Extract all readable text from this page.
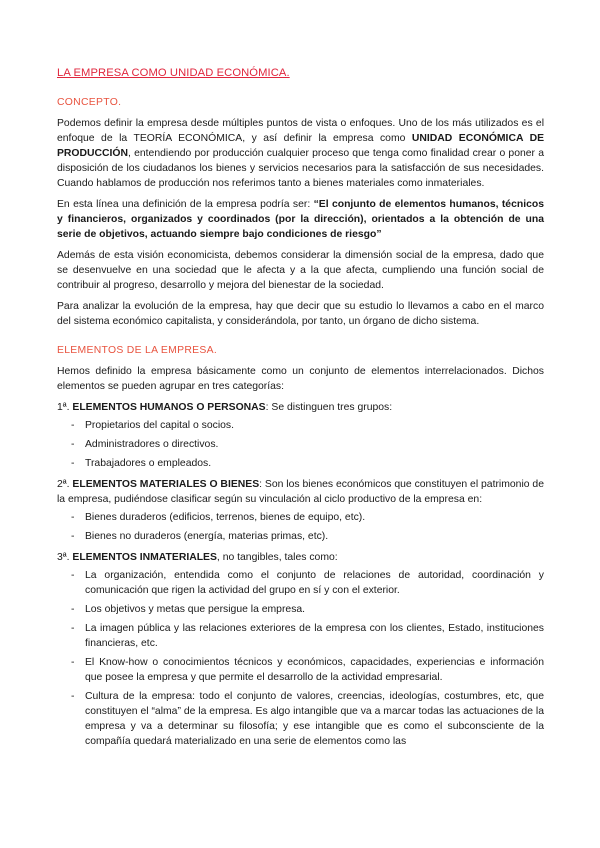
LA EMPRESA COMO UNIDAD ECONÓMICA.
CONCEPTO.

Podemos definir la empresa desde múltiples puntos de vista o enfoques. Uno de los más utilizados es el enfoque de la TEORÍA ECONÓMICA, y así definir la empresa como UNIDAD ECONÓMICA DE PRODUCCIÓN, entendiendo por producción cualquier proceso que tenga como finalidad crear o poner a disposición de los ciudadanos los bienes y servicios necesarios para la satisfacción de sus necesidades. Cuando hablamos de producción nos referimos tanto a bienes materiales como inmateriales.

En esta línea una definición de la empresa podría ser: “El conjunto de elementos humanos, técnicos y financieros, organizados y coordinados (por la dirección), orientados a la obtención de una serie de objetivos, actuando siempre bajo condiciones de riesgo”

Además de esta visión economicista, debemos considerar la dimensión social de la empresa, dado que se desenvuelve en una sociedad que le afecta y a la que afecta, cumpliendo una función social de contribuir al progreso, desarrollo y mejora del bienestar de la sociedad.

Para analizar la evolución de la empresa, hay que decir que su estudio lo llevamos a cabo en el marco del sistema económico capitalista, y considerándola, por tanto, un órgano de dicho sistema.

ELEMENTOS DE LA EMPRESA.

Hemos definido la empresa básicamente como un conjunto de elementos interrelacionados. Dichos elementos se pueden agrupar en tres categorías:

1ª. ELEMENTOS HUMANOS O PERSONAS: Se distinguen tres grupos:

- Propietarios del capital o socios.
- Administradores o directivos.
- Trabajadores o empleados.

2ª. ELEMENTOS MATERIALES O BIENES: Son los bienes económicos que constituyen el patrimonio de la empresa, pudiéndose clasificar según su vinculación al ciclo productivo de la empresa en:

- Bienes duraderos (edificios, terrenos, bienes de equipo, etc).
- Bienes no duraderos (energía, materias primas, etc).

3ª. ELEMENTOS INMATERIALES, no tangibles, tales como:

- La organización, entendida como el conjunto de relaciones de autoridad, coordinación y comunicación que rigen la actividad del grupo en sí y con el exterior.
- Los objetivos y metas que persigue la empresa.
- La imagen pública y las relaciones exteriores de la empresa con los clientes, Estado, instituciones financieras, etc.
- El Know-how o conocimientos técnicos y económicos, capacidades, experiencias e información que posee la empresa y que permite el desarrollo de la actividad empresarial.
- Cultura de la empresa: todo el conjunto de valores, creencias, ideologías, costumbres, etc, que constituyen el “alma” de la empresa. Es algo intangible que va a marcar todas las actuaciones de la empresa y va a determinar su filosofía; y ese intangible que es como el subconsciente de la compañía quedará materializado en una serie de elementos como las
